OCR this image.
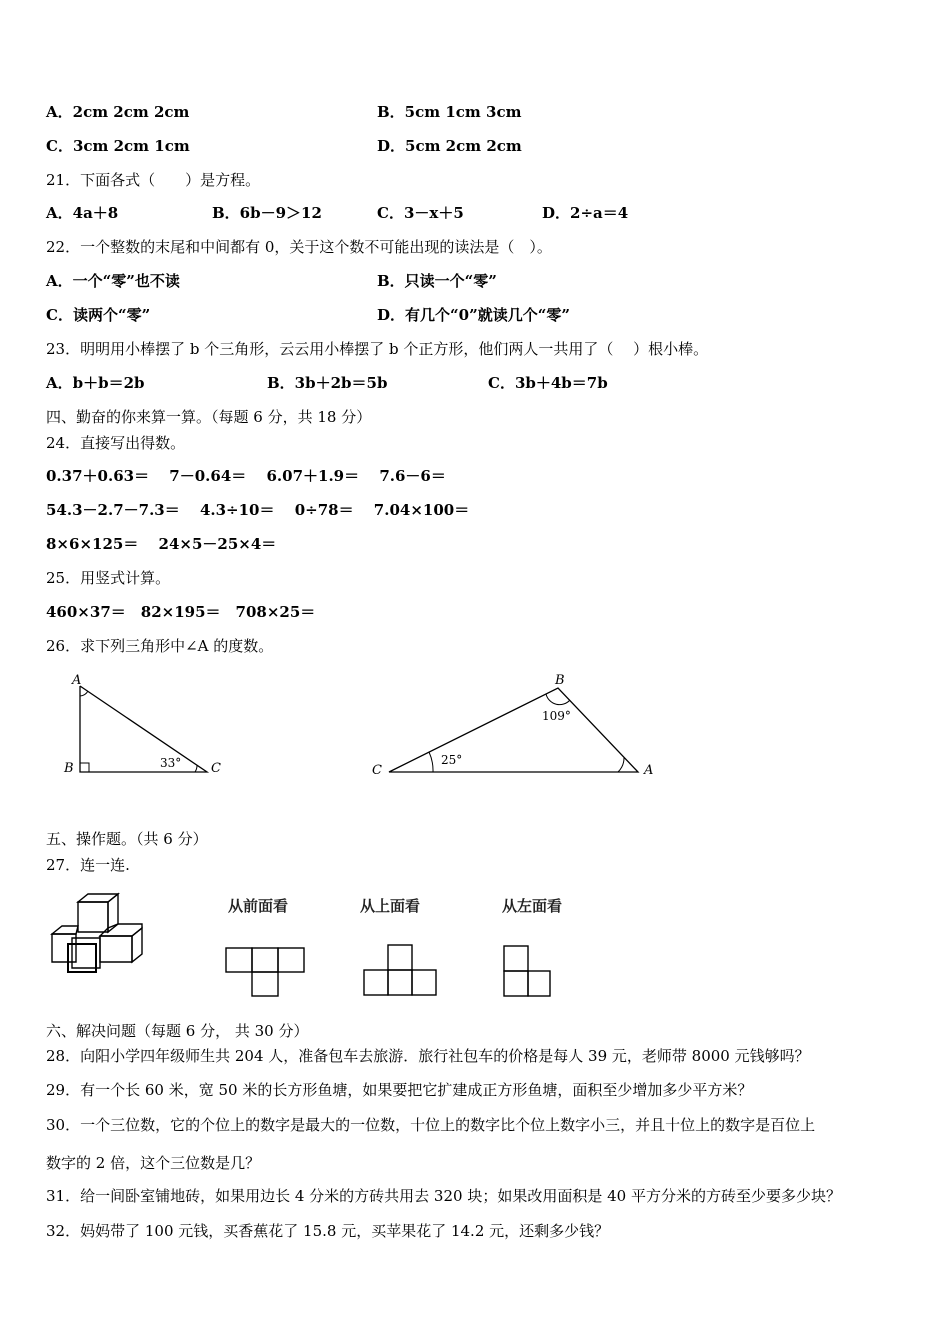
A．2cm 2cm 2cm	B．5cm 1cm 3cm
C．3cm 2cm 1cm	D．5cm 2cm 2cm
21．下面各式（　　）是方程。
A．4a＋8	B．6b－9＞12	C．3－x＋5	D．2÷a＝4
22．一个整数的末尾和中间都有 0，关于这个数不可能出现的读法是（　）。
A．一个“零”也不读	B．只读一个“零”
C．读两个“零”	D．有几个“0”就读几个“零”
23．明明用小棒摆了 b 个三角形，云云用小棒摆了 b 个正方形，他们两人一共用了（　 ）根小棒。
A．b＋b＝2b	B．3b＋2b＝5b	C．3b＋4b＝7b
四、勤奋的你来算一算。（每题 6 分，共 18 分）
24．直接写出得数。
0.37＋0.63＝　 7－0.64＝　 6.07＋1.9＝　 7.6－6＝
54.3－2.7－7.3＝　 4.3÷10＝　 0÷78＝　 7.04×100＝
8×6×125＝　 24×5－25×4＝
25．用竖式计算。
460×37＝　82×195＝　708×25＝
26．求下列三角形中∠A 的度数。
A
B	C
33°
B
C	A
109°
25°
五、操作题。（共 6 分）
27．连一连.
从前面看	从上面看	从左面看
六、解决问题（每题 6 分， 共 30 分）
28．向阳小学四年级师生共 204 人，准备包车去旅游．旅行社包车的价格是每人 39 元，老师带 8000 元钱够吗？
29．有一个长 60 米，宽 50 米的长方形鱼塘，如果要把它扩建成正方形鱼塘，面积至少增加多少平方米？
30．一个三位数，它的个位上的数字是最大的一位数，十位上的数字比个位上数字小三，并且十位上的数字是百位上
数字的 2 倍，这个三位数是几？
31．给一间卧室铺地砖，如果用边长 4 分米的方砖共用去 320 块；如果改用面积是 40 平方分米的方砖至少要多少块？
32．妈妈带了 100 元钱，买香蕉花了 15.8 元，买苹果花了 14.2 元，还剩多少钱？
